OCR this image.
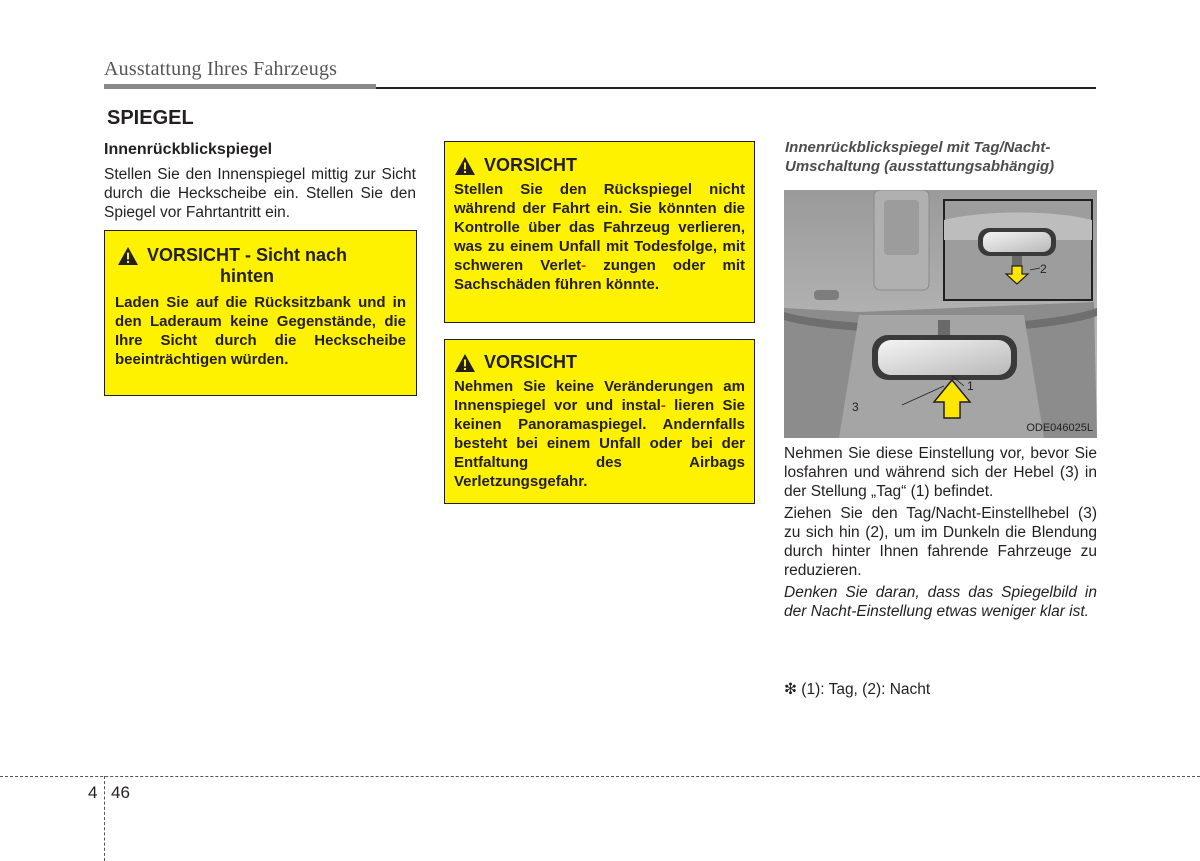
Ausstattung Ihres Fahrzeugs
SPIEGEL
Innenrückblickspiegel
Stellen Sie den Innenspiegel mittig zur Sicht durch die Heckscheibe ein. Stellen Sie den Spiegel vor Fahrtantritt ein.
VORSICHT - Sicht nach
hinten
Laden Sie auf die Rücksitzbank und in den Laderaum keine Gegenstände, die Ihre Sicht durch die Heckscheibe beeinträchtigen würden.
VORSICHT
Stellen Sie den Rückspiegel nicht während der Fahrt ein. Sie könnten die Kontrolle über das Fahrzeug verlieren, was zu einem Unfall mit Todesfolge, mit schweren Verlet- zungen oder mit Sachschäden führen könnte.
VORSICHT
Nehmen Sie keine Veränderungen am Innenspiegel vor und instal- lieren Sie keinen Panoramaspiegel. Andernfalls besteht bei einem Unfall oder bei der Entfaltung des Airbags Verletzungsgefahr.
Innenrückblickspiegel mit Tag/Nacht-Umschaltung (ausstattungsabhängig)
1
2
3
ODE046025L

Nehmen Sie diese Einstellung vor, bevor Sie losfahren und während sich der Hebel (3) in der Stellung „Tag“ (1) befindet.

Ziehen Sie den Tag/Nacht-Einstellhebel (3) zu sich hin (2), um im Dunkeln die Blendung durch hinter Ihnen fahrende Fahrzeuge zu reduzieren.

Denken Sie daran, dass das Spiegelbild in der Nacht-Einstellung etwas weniger klar ist.

❇ (1): Tag, (2): Nacht
4 46
